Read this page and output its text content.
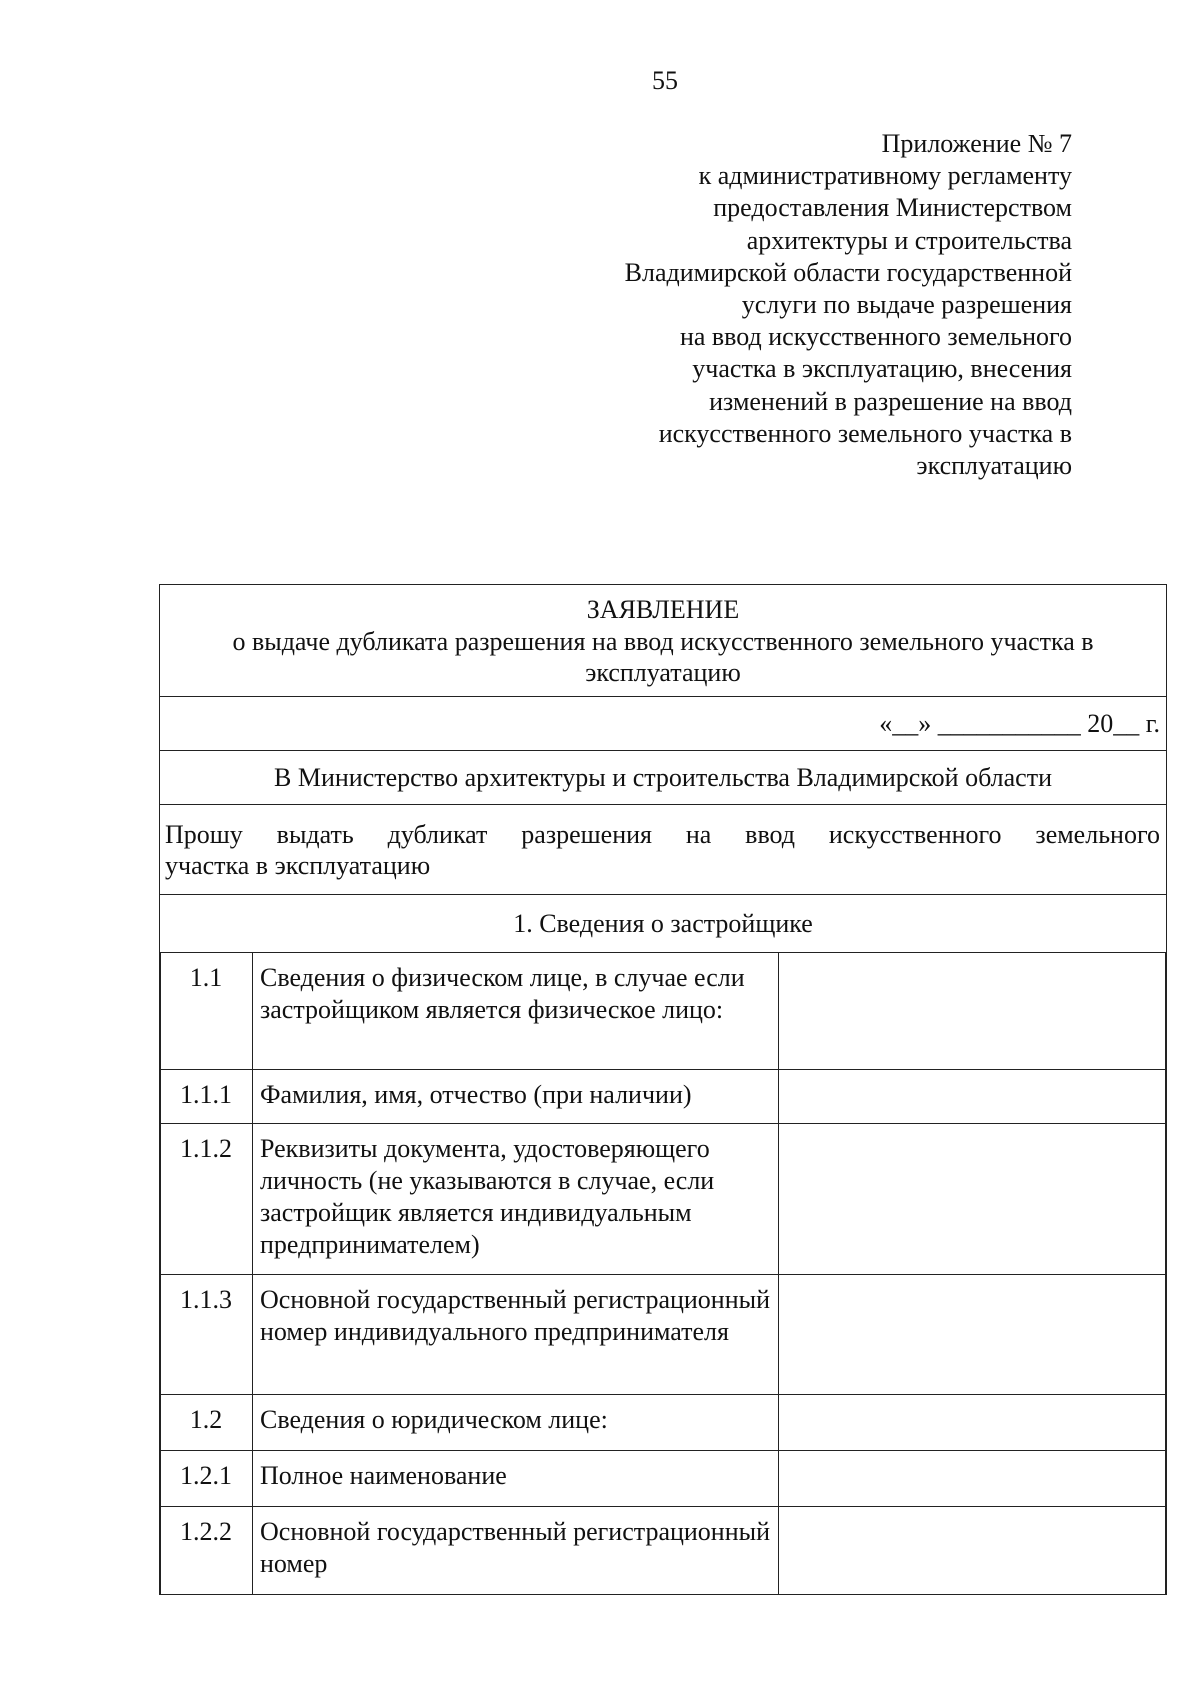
55
Приложение № 7
к административному регламенту
предоставления Министерством
архитектуры и строительства
Владимирской области государственной
услуги по выдаче разрешения
на ввод искусственного земельного
участка в эксплуатацию, внесения
изменений в разрешение на ввод
искусственного земельного участка в
эксплуатацию
ЗАЯВЛЕНИЕ
о выдаче дубликата разрешения на ввод искусственного земельного участка в
эксплуатацию
«__» ___________ 20__ г.
В Министерство архитектуры и строительства Владимирской области
Прошу выдать дубликат разрешения на ввод искусственного земельного
участка в эксплуатацию
1. Сведения о застройщике
1.1	Сведения о физическом лице, в случае если застройщиком является физическое лицо:
1.1.1	Фамилия, имя, отчество (при наличии)
1.1.2	Реквизиты документа, удостоверяющего личность (не указываются в случае, если застройщик является индивидуальным предпринимателем)
1.1.3	Основной государственный регистрационный номер индивидуального предпринимателя
1.2	Сведения о юридическом лице:
1.2.1	Полное наименование
1.2.2	Основной государственный регистрационный номер
